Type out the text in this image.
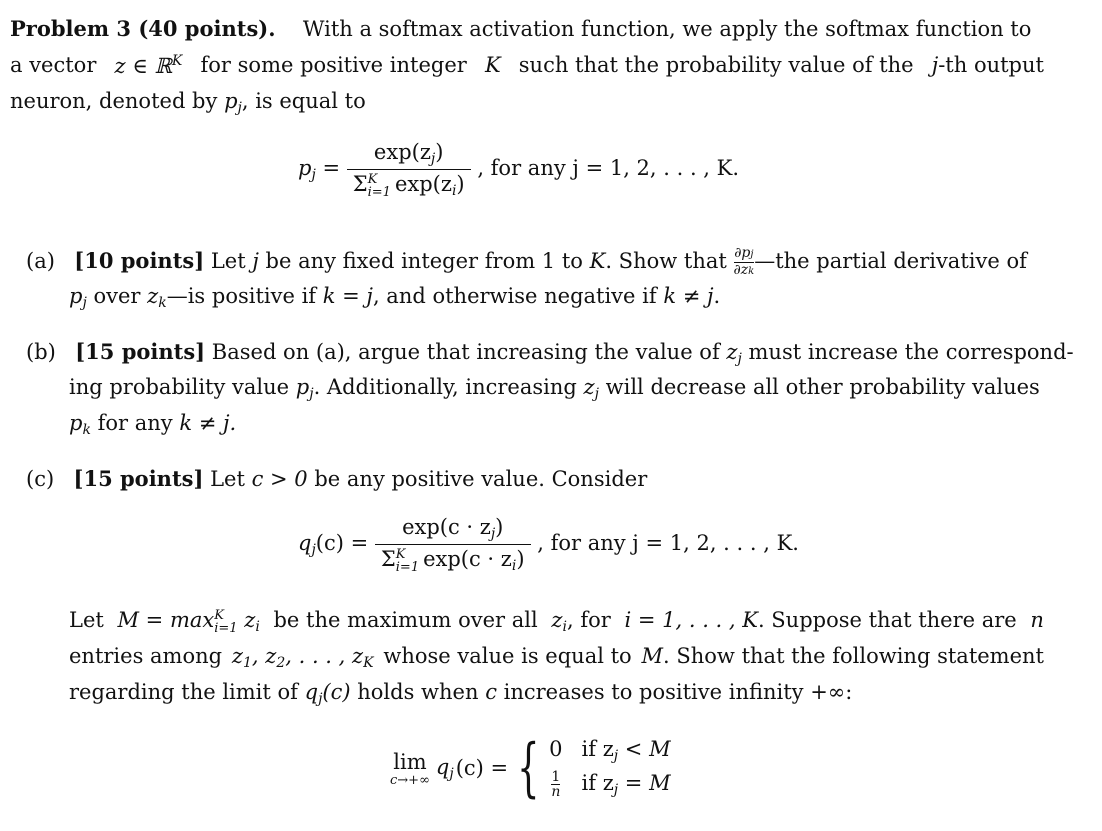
Problem 3 (40 points). With a softmax activation function, we apply the softmax function to
a vector z ∈ ℝ$^K$ for some positive integer K such that the probability value of the j-th output
neuron, denoted by $p_j$, is equal to
$p_j = \exp(z_j)$
Σ K
i=1 $\exp(z_i)$ , for any j = 1, 2, . . . , K.
(a) [10 points] Let j be any fixed integer from 1 to K. Show that $\frac{\partial pj}{\partial zk}$ —the partial derivative of
$p_j$ over $z_k—is$ positive if k = j, and otherwise negative if k ≠ j.
(b) [15 points] Based on (a), argue that increasing the value of $z_j$ must increase the correspond-
ing probability value $p_j$. Additionally, increasing $z_j$ will decrease all other probability values
$p_k$ for any k ≠ j.
(c) [15 points] Let c > 0 be any positive value. Consider
$q_j(c) = \exp(c \cdot z_j)$
Σ K
i=1 $\exp(c \cdot z_i)$ , for any j = 1, 2, . . . , K.
Let M = max K
i=1 $z_i$ be the maximum over all $z_i$, for i = 1, . . . , K. Suppose that there are n
entries among $z_1$, $z_2$, . . . , $z_K$ whose value is equal to M. Show that the following statement
regarding the limit of $q_j(c)$ holds when c increases to positive infinity +∞:
lim
c→+∞
$q_j$ (c) = { 0 if $z_j < M$
$\frac{1}{n}$ if $z_j = M$
